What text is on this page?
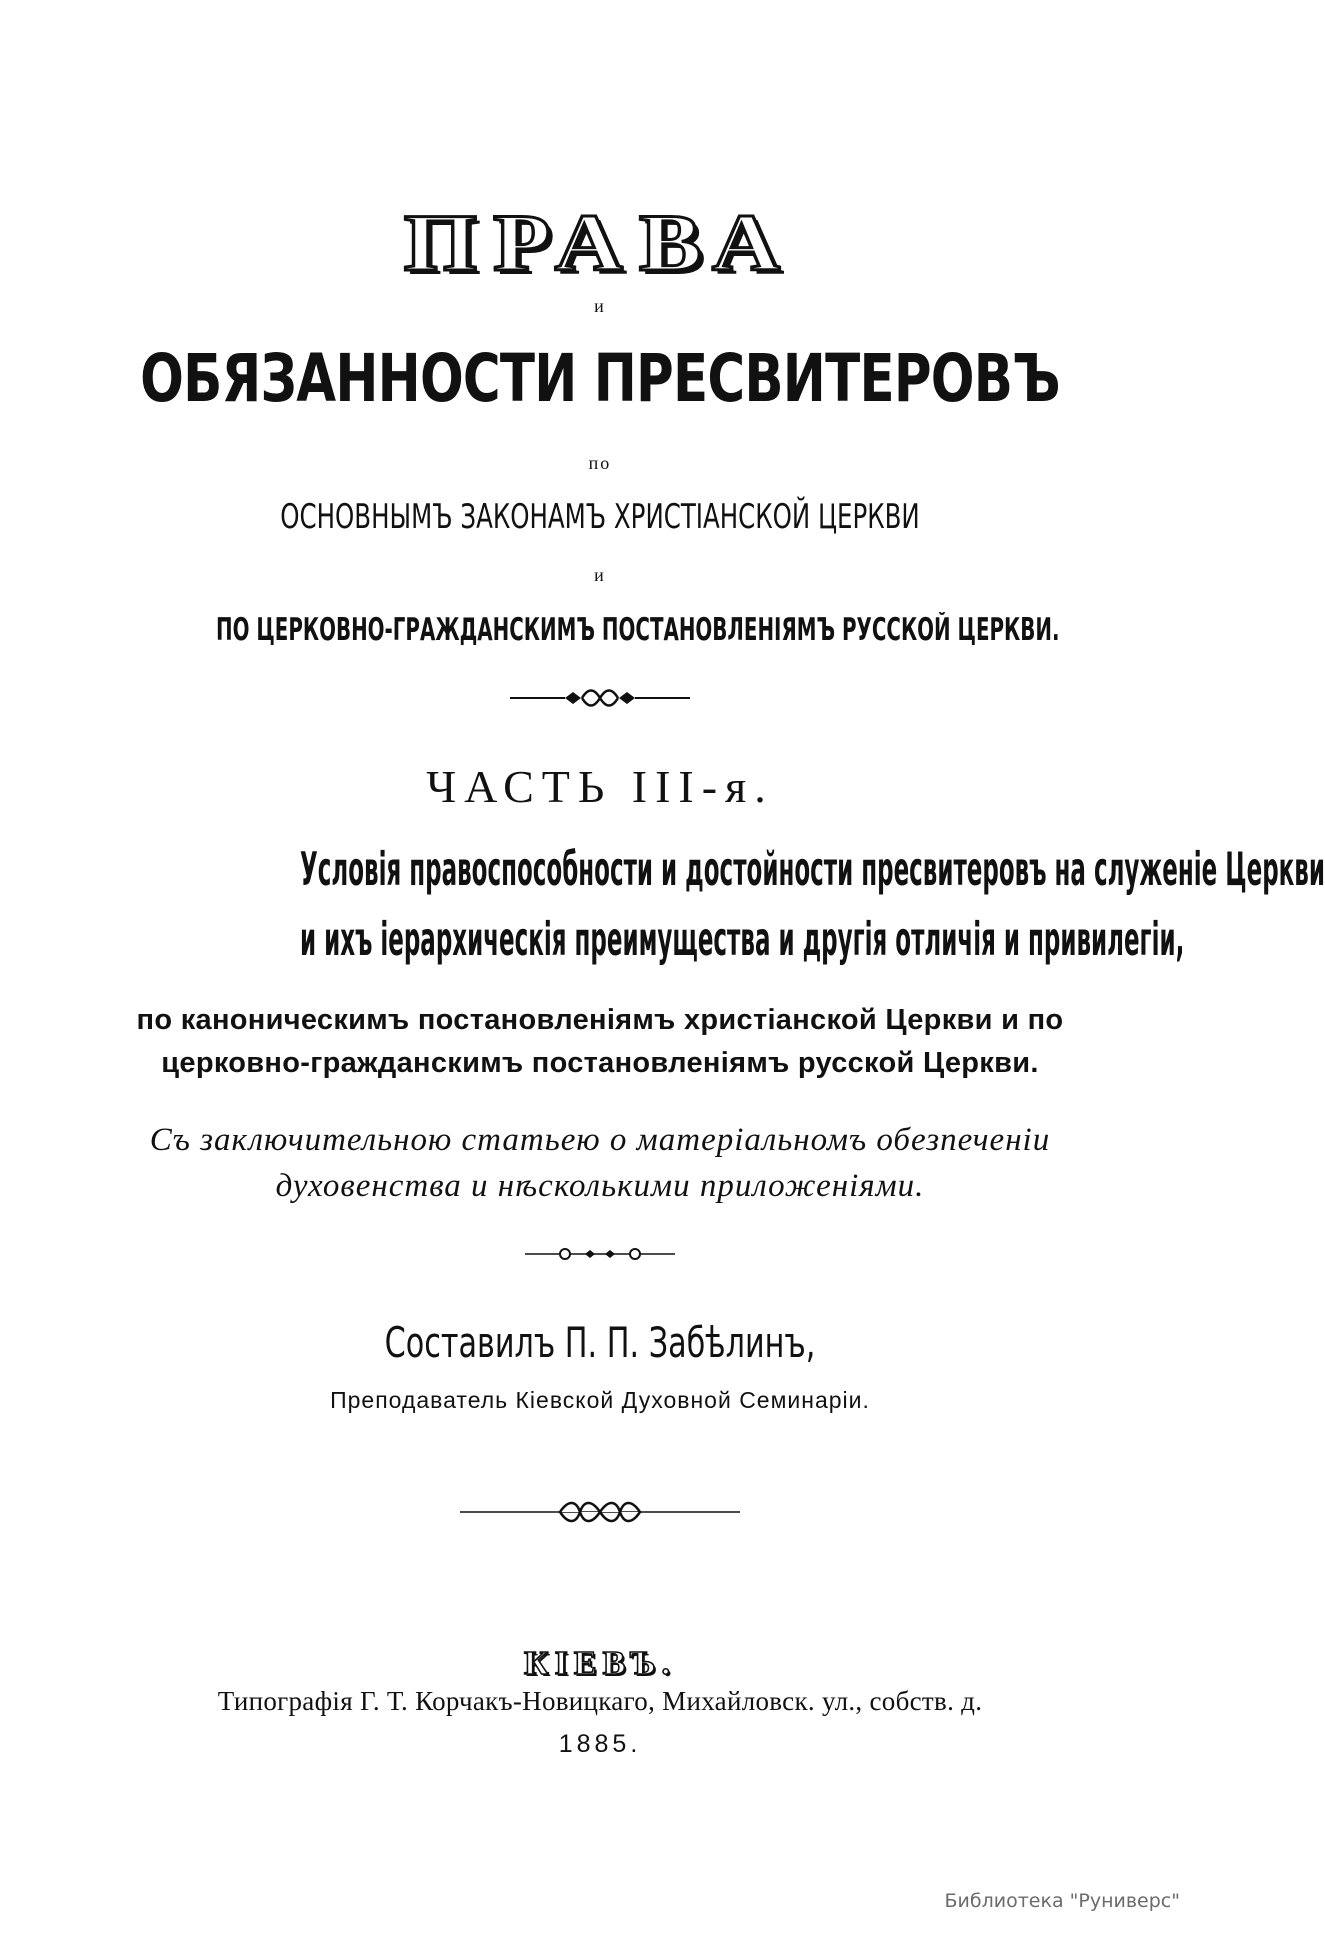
ПРАВА
и
ОБЯЗАННОСТИ ПРЕСВИТЕРОВЪ
по
ОСНОВНЫМЪ ЗАКОНАМЪ ХРИСТІАНСКОЙ ЦЕРКВИ
и
ПО ЦЕРКОВНО-ГРАЖДАНСКИМЪ ПОСТАНОВЛЕНІЯМЪ РУССКОЙ ЦЕРКВИ.
ЧАСТЬ III-я.
Условія правоспособности и достойности пресвитеровъ на служеніе Церкви
и ихъ іерархическія преимущества и другія отличія и привилегіи,
по каноническимъ постановленіямъ христіанской Церкви и по
церковно-гражданскимъ постановленіямъ русской Церкви.
Съ заключительною статьею о матеріальномъ обезпеченіи
духовенства и нѣсколькими приложеніями.
Составилъ П. П. Забѣлинъ,
Преподаватель Кіевской Духовной Семинаріи.
КІЕВЪ.
Типографія Г. Т. Корчакъ-Новицкаго, Михайловск. ул., собств. д.
1885.
Библиотека "Руниверс"
